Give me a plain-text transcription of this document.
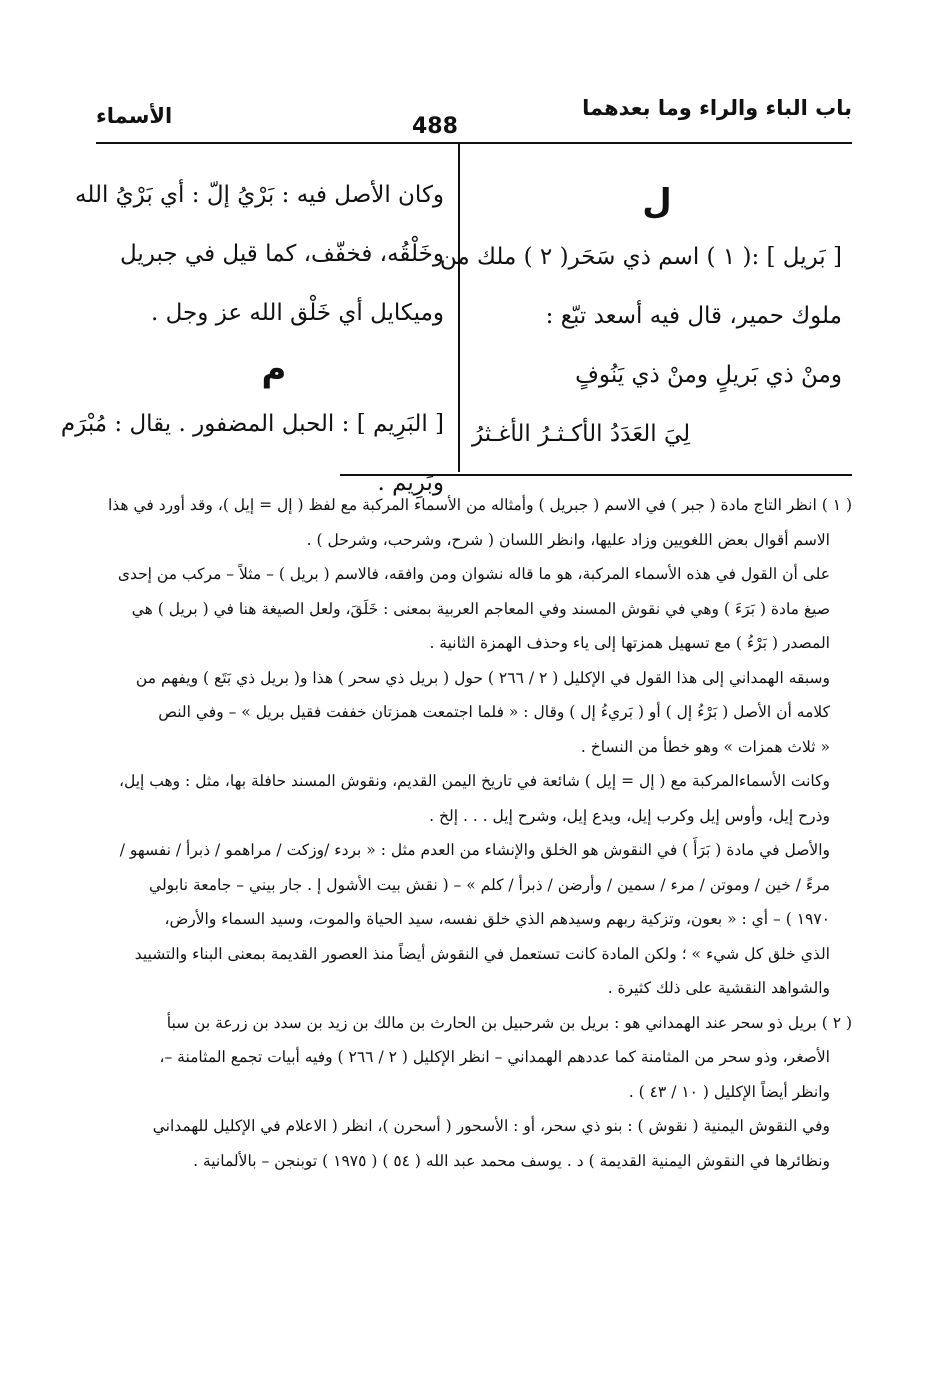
باب الباء والراء وما بعدهما
488
الأسماء
ل
[ بَريل ] :( ١ ) اسم ذي سَحَر( ٢ ) ملك من
ملوك حمير، قال فيه أسعد تبّع :
ومنْ ذي بَريلٍ ومنْ ذي يَنُوفٍ
لِيَ العَدَدُ الأكـثـرُ الأغـثرُ
وكان الأصل فيه : بَرْيُ إلّ : أي بَرْيُ الله
وخَلْقُه، فخفّف، كما قيل في جبريل
وميكايل أي خَلْق الله عز وجل .
م
[ البَرِيم ] : الحبل المضفور . يقال : مُبْرَم
وبَرِيم .
( ١ ) انظر التاج مادة ( جبر ) في الاسم ( جبريل ) وأمثاله من الأسماء المركبة مع لفظ ( إل = إيل )، وقد أورد في هذا
الاسم أقوال بعض اللغويين وزاد عليها، وانظر اللسان ( شرح، وشرحب، وشرحل ) .
على أن القول في هذه الأسماء المركبة، هو ما قاله نشوان ومن وافقه، فالاسم ( بريل ) – مثلاً – مركب من إحدى
صيغ مادة ( بَرَءَ ) وهي في نقوش المسند وفي المعاجم العربية بمعنى : خَلَقَ، ولعل الصيغة هنا في ( بريل ) هي
المصدر ( بَرْءُ ) مع تسهيل همزتها إلى ياء وحذف الهمزة الثانية .
وسبقه الهمداني إلى هذا القول في الإكليل ( ٢ / ٢٦٦ ) حول ( بريل ذي سحر ) هذا و( بريل ذي بَتَع ) ويفهم من
كلامه أن الأصل ( بَرْءُ إل ) أو ( بَريءُ إل ) وقال : « فلما اجتمعت همزتان خففت فقيل بريل » – وفي النص
« ثلاث همزات » وهو خطأ من النساخ .
وكانت الأسماءالمركبة مع ( إل = إيل ) شائعة في تاريخ اليمن القديم، ونقوش المسند حافلة بها، مثل : وهب إيل،
وذرح إيل، وأوس إيل وكرب إيل، ويدع إيل، وشرح إيل . . . إلخ .
والأصل في مادة ( بَرَأَ ) في النقوش هو الخلق والإنشاء من العدم مثل : « بردء /وزكت / مراهمو / ذبرأ / نفسهو /
مرءً / خين / وموتن / مرء / سمين / وأرضن / ذبرأ / كلم » – ( نقش بيت الأشول إ . جار بيني – جامعة نابولي
١٩٧٠ ) – أي : « بعون، وتزكية ربهم وسيدهم الذي خلق نفسه، سيد الحياة والموت، وسيد السماء والأرض،
الذي خلق كل شيء » ؛ ولكن المادة كانت تستعمل في النقوش أيضاً منذ العصور القديمة بمعنى البناء والتشييد
والشواهد النقشية على ذلك كثيرة .
( ٢ ) بريل ذو سحر عند الهمداني هو : بريل بن شرحبيل بن الحارث بن مالك بن زيد بن سدد بن زرعة بن سبأ
الأصغر، وذو سحر من المثامنة كما عددهم الهمداني – انظر الإكليل ( ٢ / ٢٦٦ ) وفيه أبيات تجمع المثامنة –،
وانظر أيضاً الإكليل ( ١٠ / ٤٣ ) .
وفي النقوش اليمنية ( نقوش ) : بنو ذي سحر، أو : الأسحور ( أسحرن )، انظر ( الاعلام في الإكليل للهمداني
ونظائرها في النقوش اليمنية القديمة ) د . يوسف محمد عبد الله ( ٥٤ ) ( ١٩٧٥ ) توبنجن – بالألمانية .
